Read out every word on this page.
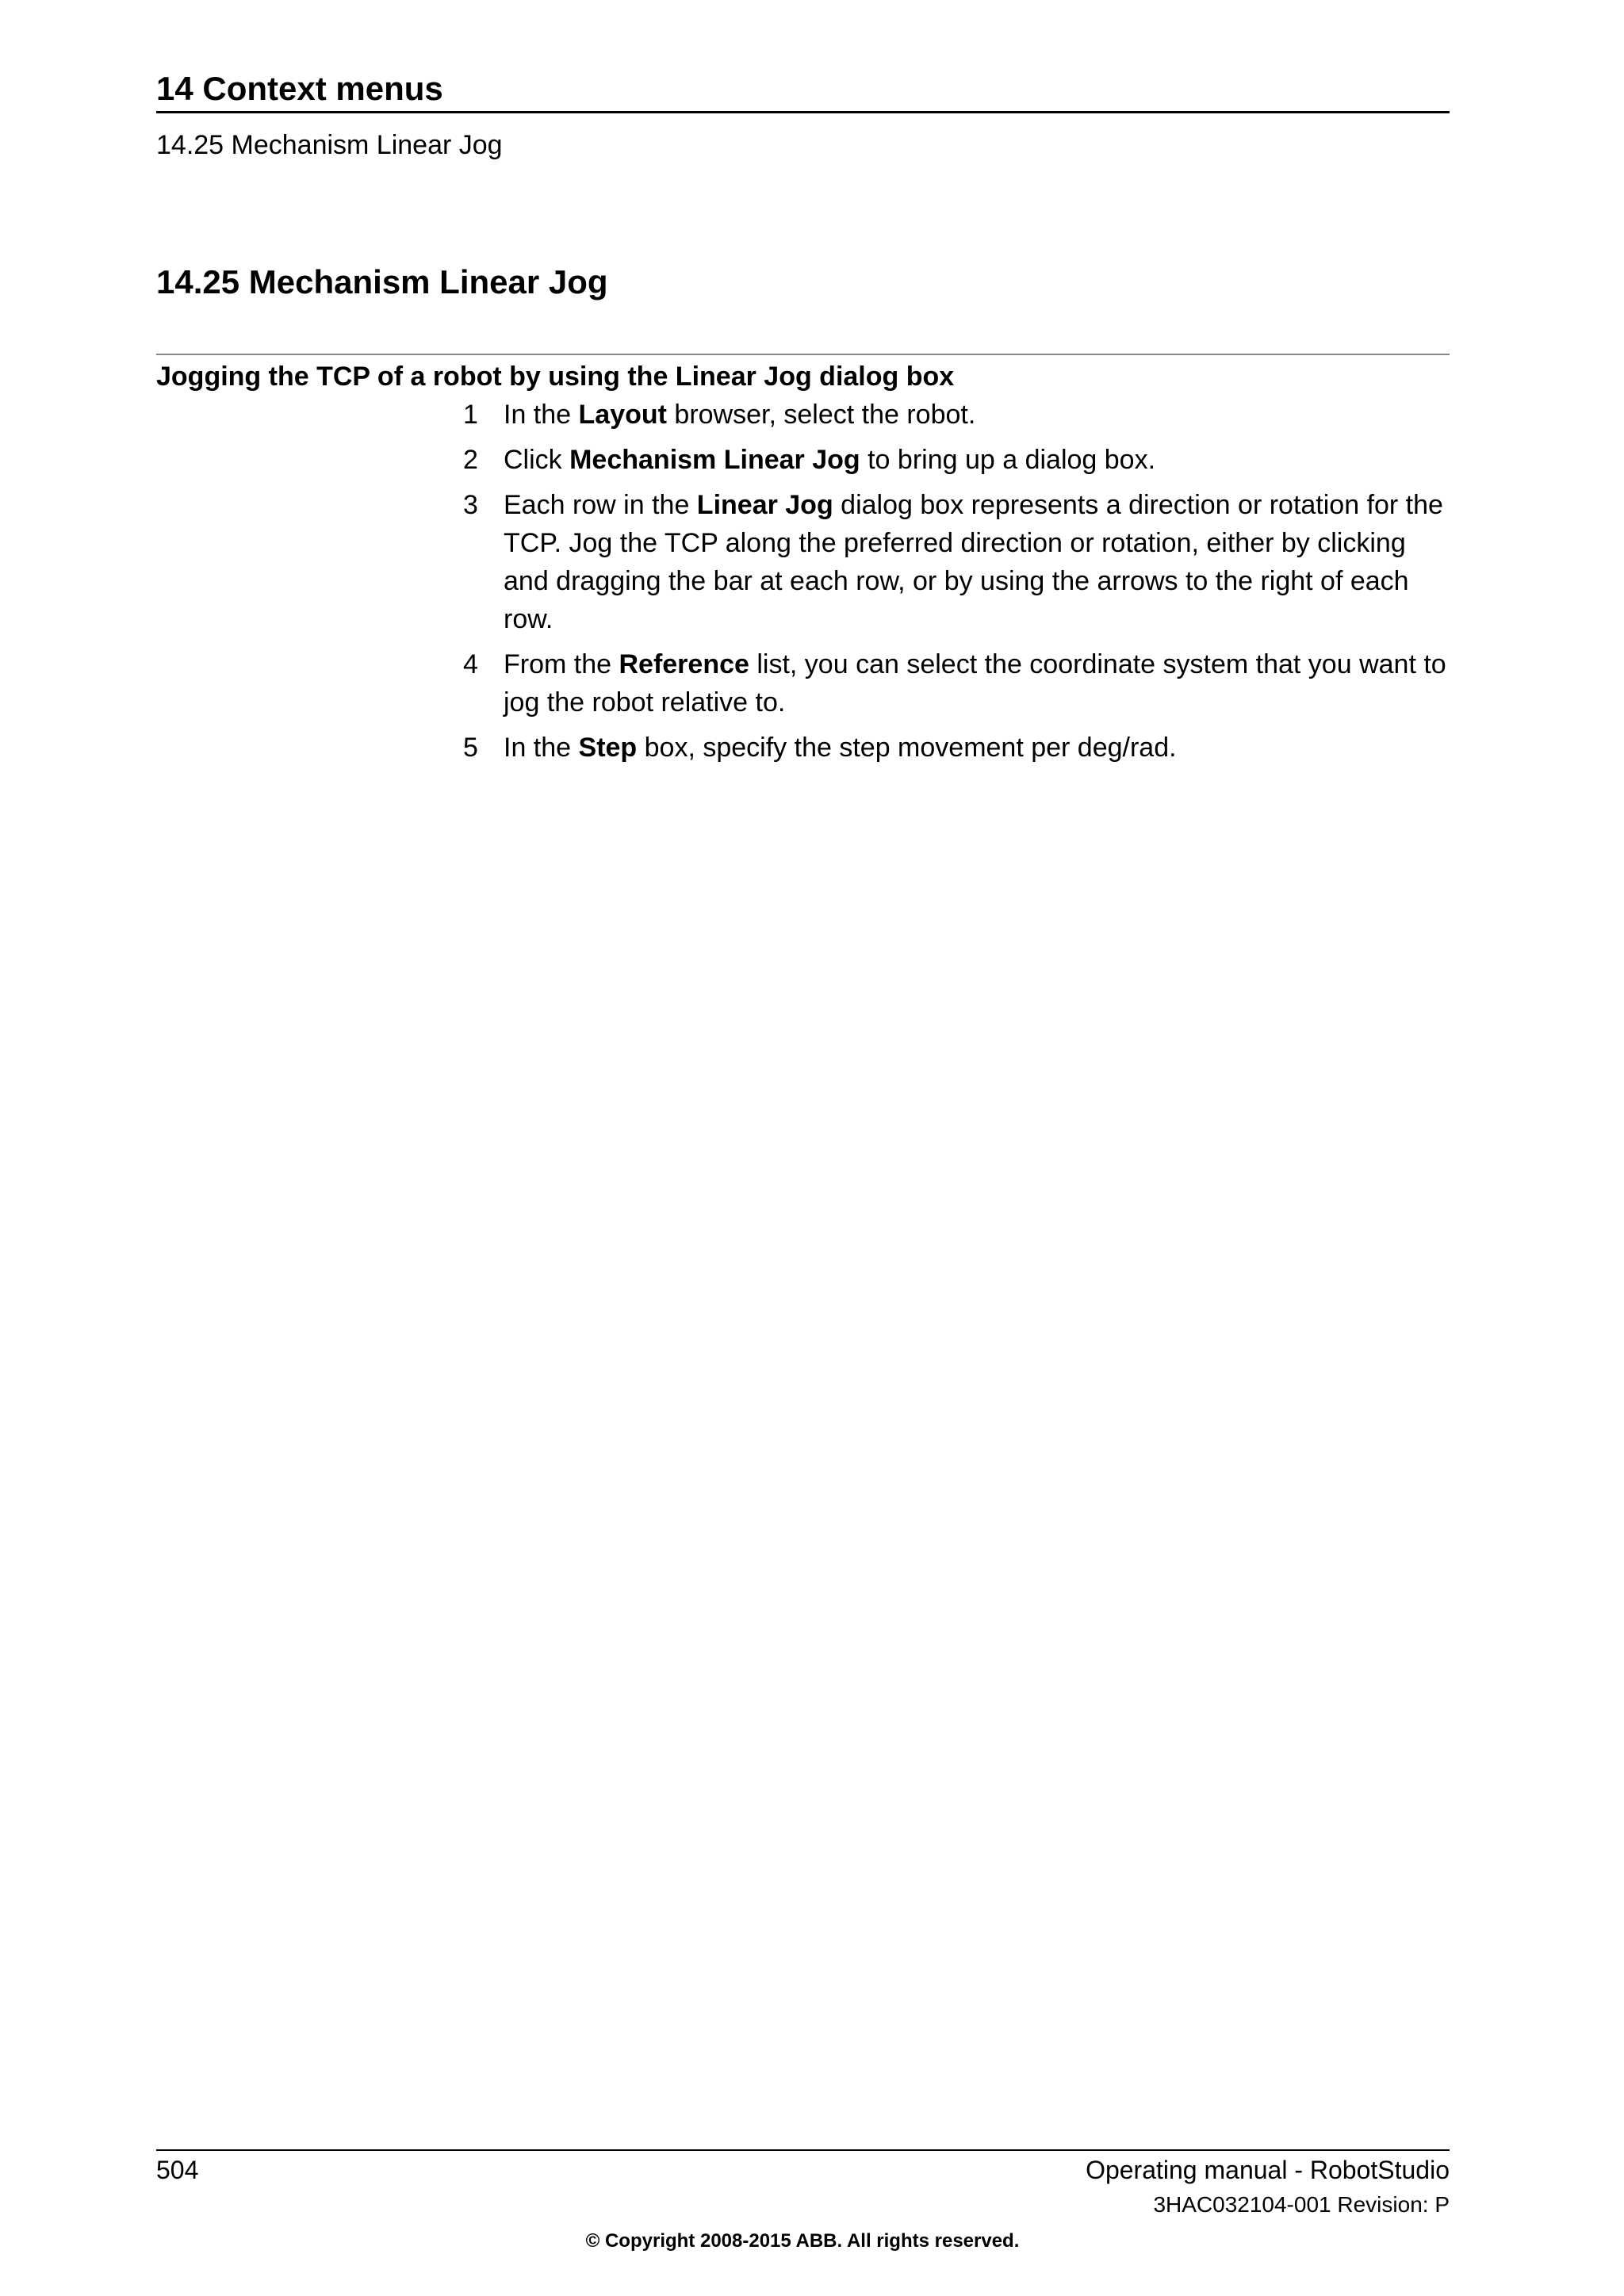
14 Context menus
14.25 Mechanism Linear Jog
14.25 Mechanism Linear Jog
Jogging the TCP of a robot by using the Linear Jog dialog box
1 In the Layout browser, select the robot.
2 Click Mechanism Linear Jog to bring up a dialog box.
3 Each row in the Linear Jog dialog box represents a direction or rotation for the TCP. Jog the TCP along the preferred direction or rotation, either by clicking and dragging the bar at each row, or by using the arrows to the right of each row.
4 From the Reference list, you can select the coordinate system that you want to jog the robot relative to.
5 In the Step box, specify the step movement per deg/rad.
504	Operating manual - RobotStudio
3HAC032104-001 Revision: P
© Copyright 2008-2015 ABB. All rights reserved.
